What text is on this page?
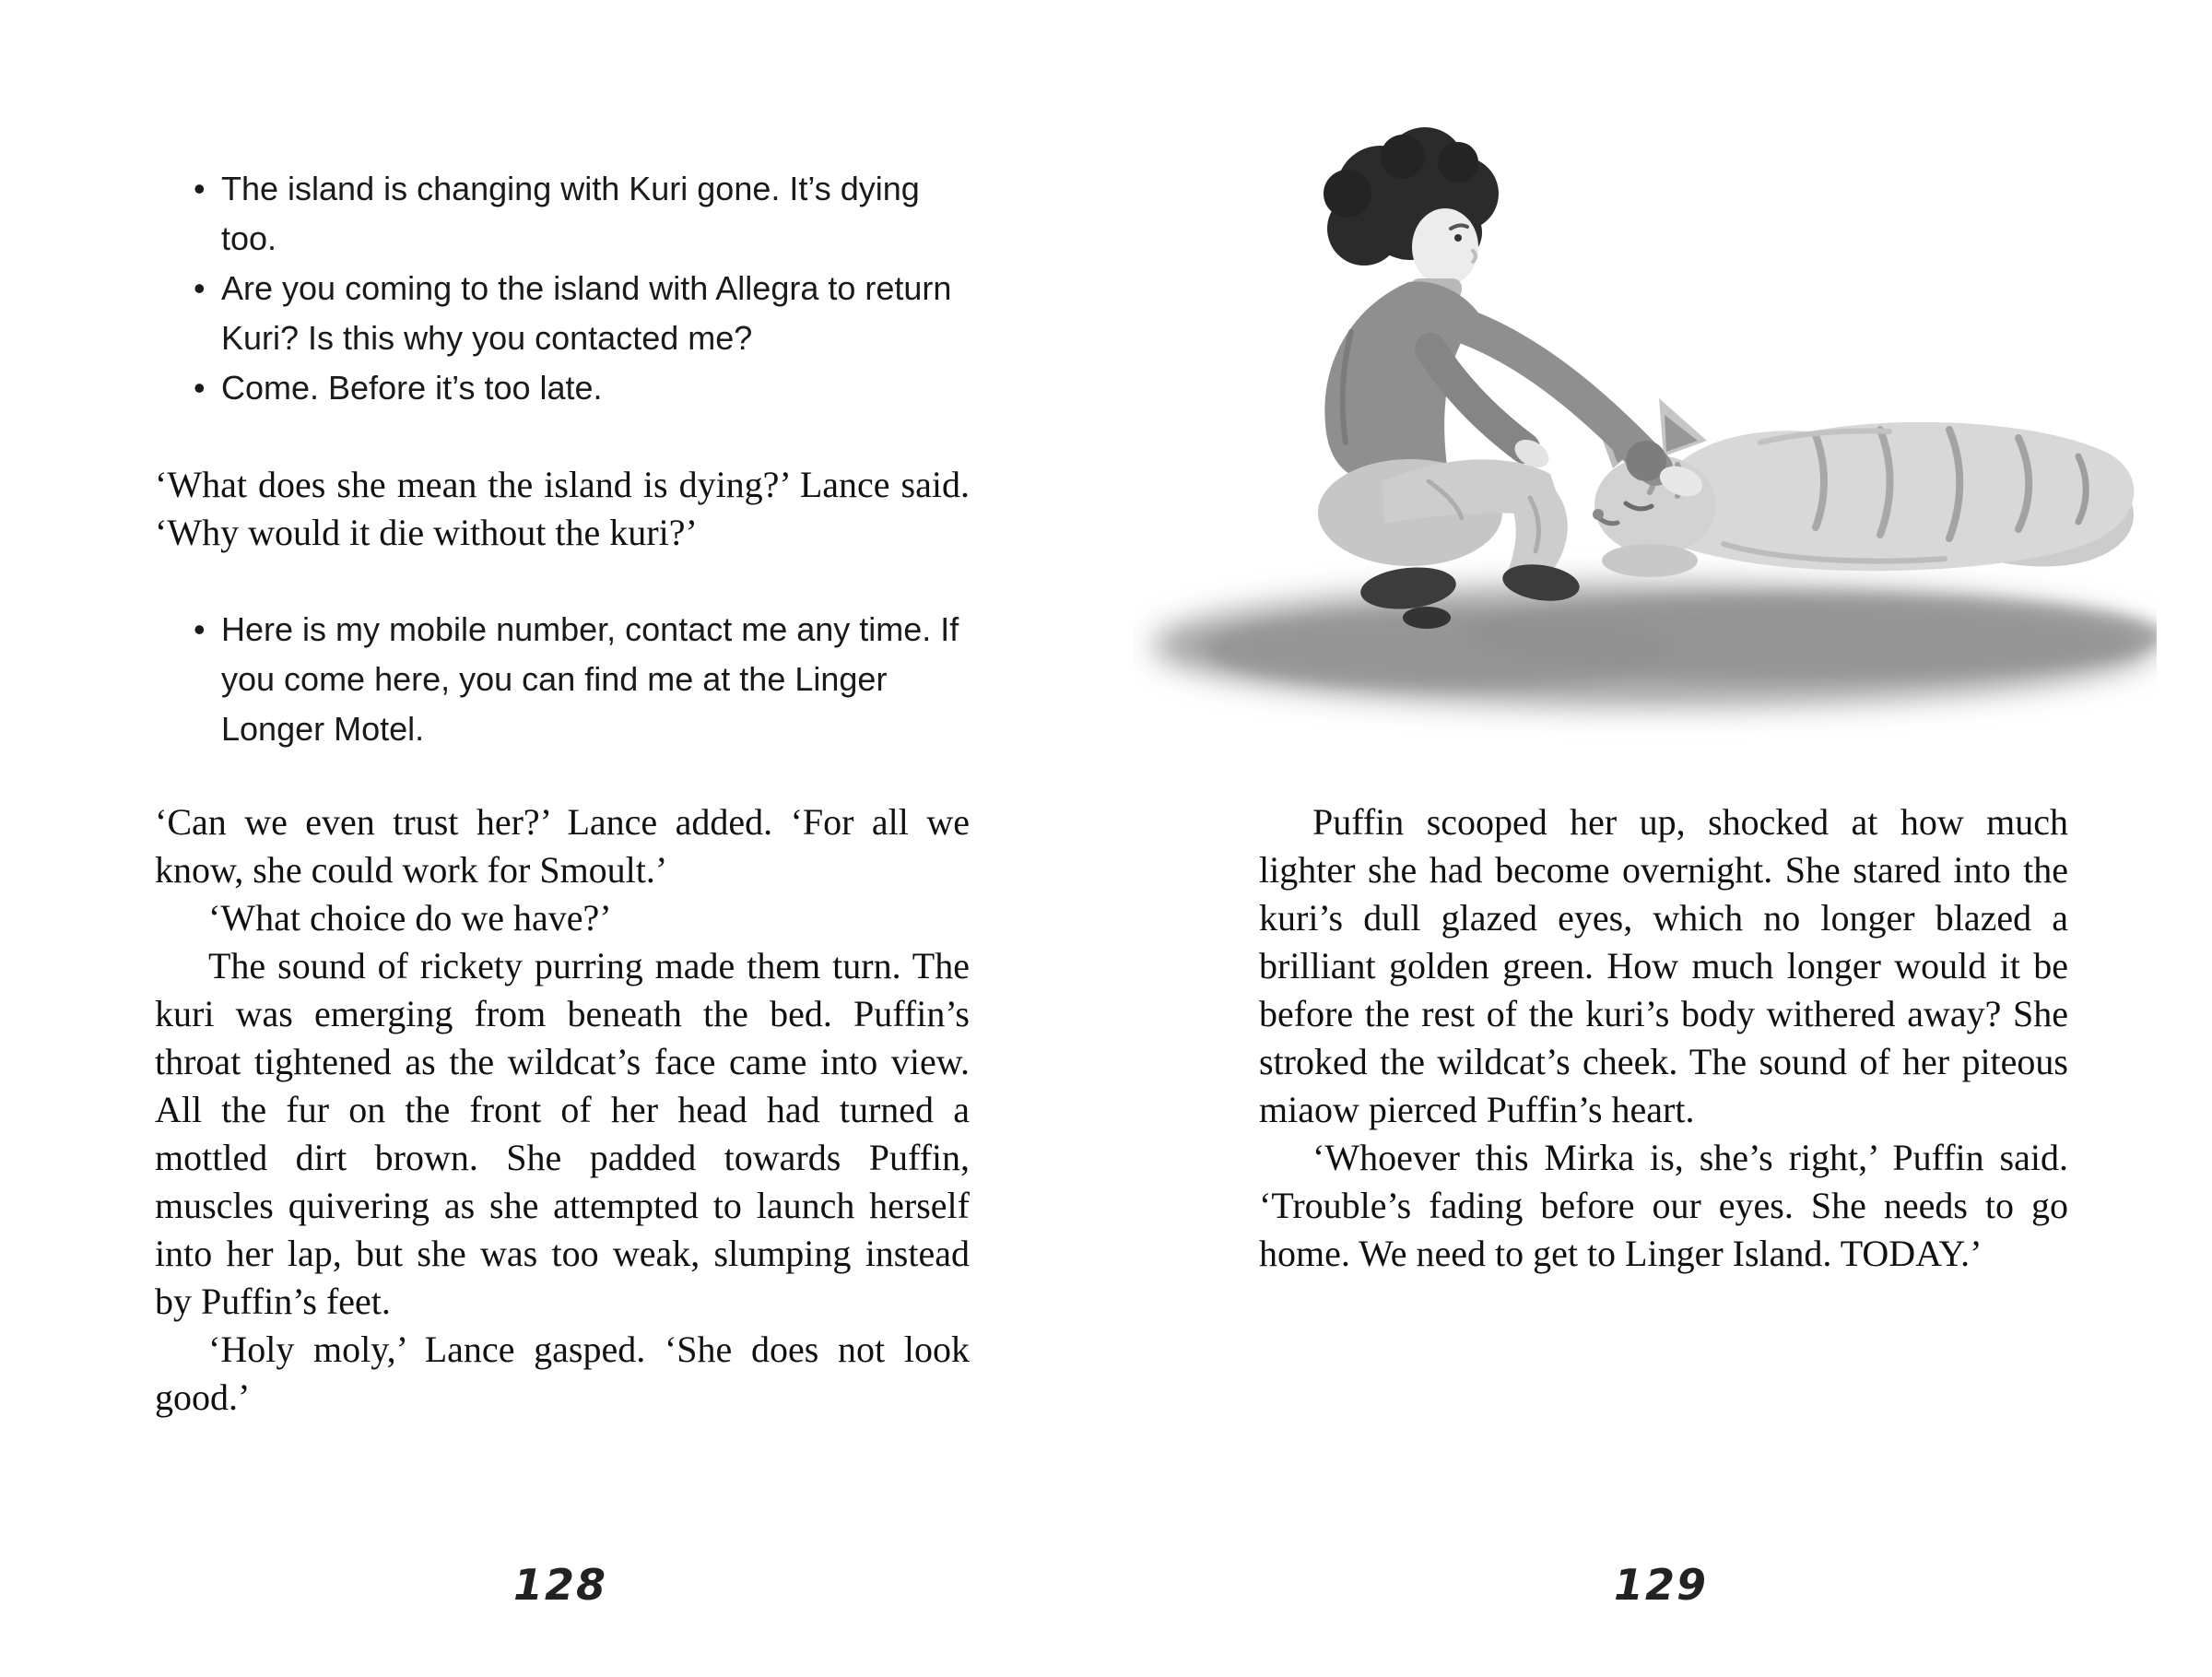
• The island is changing with Kuri gone. It’s dying too.
• Are you coming to the island with Allegra to return Kuri? Is this why you contacted me?
• Come. Before it’s too late.

‘What does she mean the island is dying?’ Lance said. ‘Why would it die without the kuri?’

• Here is my mobile number, contact me any time. If you come here, you can find me at the Linger Longer Motel.

‘Can we even trust her?’ Lance added. ‘For all we know, she could work for Smoult.’

‘What choice do we have?’

The sound of rickety purring made them turn. The kuri was emerging from beneath the bed. Puffin’s throat tightened as the wildcat’s face came into view. All the fur on the front of her head had turned a mottled dirt brown. She padded towards Puffin, muscles quivering as she attempted to launch herself into her lap, but she was too weak, slumping instead by Puffin’s feet.

‘Holy moly,’ Lance gasped. ‘She does not look good.’

128

Puffin scooped her up, shocked at how much lighter she had become overnight. She stared into the kuri’s dull glazed eyes, which no longer blazed a brilliant golden green. How much longer would it be before the rest of the kuri’s body withered away? She stroked the wildcat’s cheek. The sound of her piteous miaow pierced Puffin’s heart.

‘Whoever this Mirka is, she’s right,’ Puffin said. ‘Trouble’s fading before our eyes. She needs to go home. We need to get to Linger Island. TODAY.’

129
